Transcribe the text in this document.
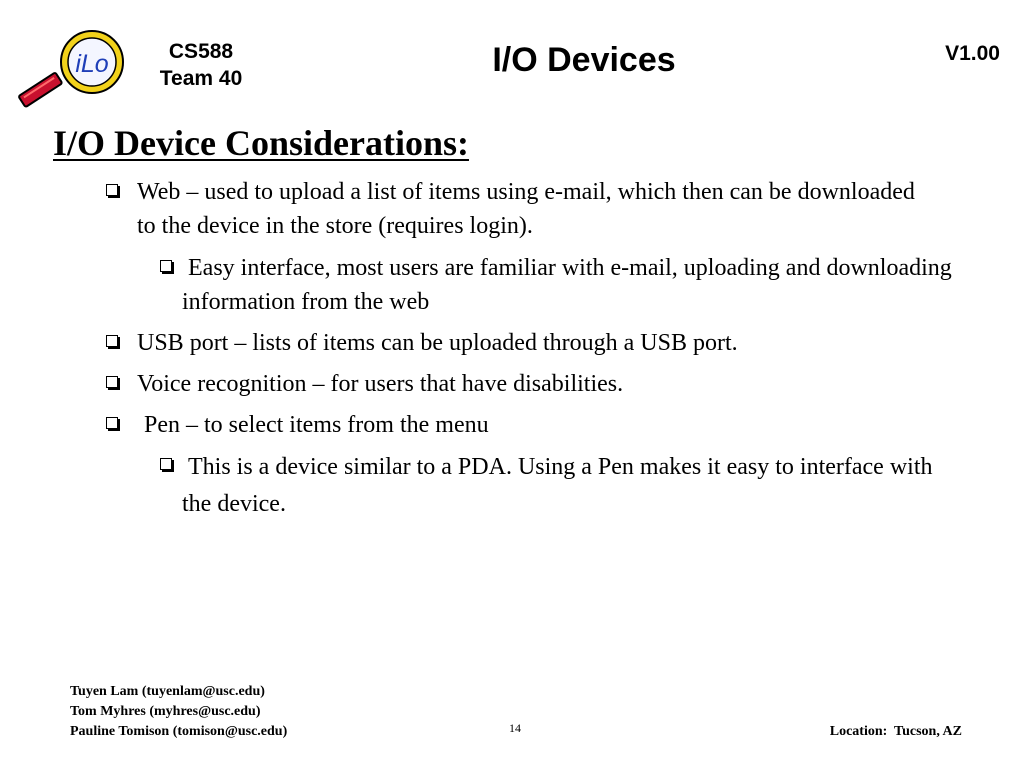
iLo	CS588
Team 40	I/O Devices	V1.00
I/O Device Considerations:
Web – used to upload a list of items using e-mail, which then can be downloaded to the device in the store (requires login).
Easy interface, most users are familiar with e-mail, uploading and downloading information from the web
USB port – lists of items can be uploaded through a USB port.
Voice recognition – for users that have disabilities.
Pen – to select items from the menu
This is a device similar to a PDA. Using a Pen makes it easy to interface with the device.
Tuyen Lam (tuyenlam@usc.edu)
Tom Myhres (myhres@usc.edu)
Pauline Tomison (tomison@usc.edu)	14	Location:  Tucson, AZ
